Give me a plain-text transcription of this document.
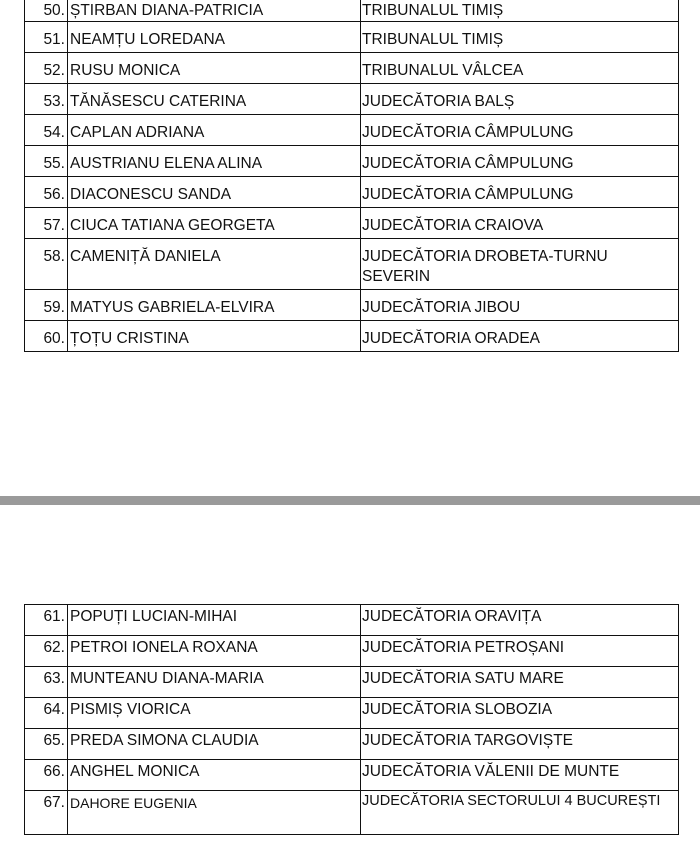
50.	ȘTIRBAN DIANA-PATRICIA	TRIBUNALUL TIMIȘ
51.	NEAMȚU LOREDANA	TRIBUNALUL TIMIȘ
52.	RUSU MONICA	TRIBUNALUL VÂLCEA
53.	TĂNĂSESCU CATERINA	JUDECĂTORIA BALȘ
54.	CAPLAN ADRIANA	JUDECĂTORIA CÂMPULUNG
55.	AUSTRIANU ELENA ALINA	JUDECĂTORIA CÂMPULUNG
56.	DIACONESCU SANDA	JUDECĂTORIA CÂMPULUNG
57.	CIUCA TATIANA GEORGETA	JUDECĂTORIA CRAIOVA
58.	CAMENIȚĂ DANIELA	JUDECĂTORIA DROBETA-TURNU SEVERIN
59.	MATYUS GABRIELA-ELVIRA	JUDECĂTORIA JIBOU
60.	ȚOȚU CRISTINA	JUDECĂTORIA ORADEA
61.	POPUȚI LUCIAN-MIHAI	JUDECĂTORIA ORAVIȚA
62.	PETROI IONELA ROXANA	JUDECĂTORIA PETROȘANI
63.	MUNTEANU DIANA-MARIA	JUDECĂTORIA SATU MARE
64.	PISMIȘ VIORICA	JUDECĂTORIA SLOBOZIA
65.	PREDA SIMONA CLAUDIA	JUDECĂTORIA TARGOVIȘTE
66.	ANGHEL MONICA	JUDECĂTORIA VĂLENII DE MUNTE
67.	DAHORE EUGENIA	JUDECĂTORIA SECTORULUI 4 BUCUREȘTI
